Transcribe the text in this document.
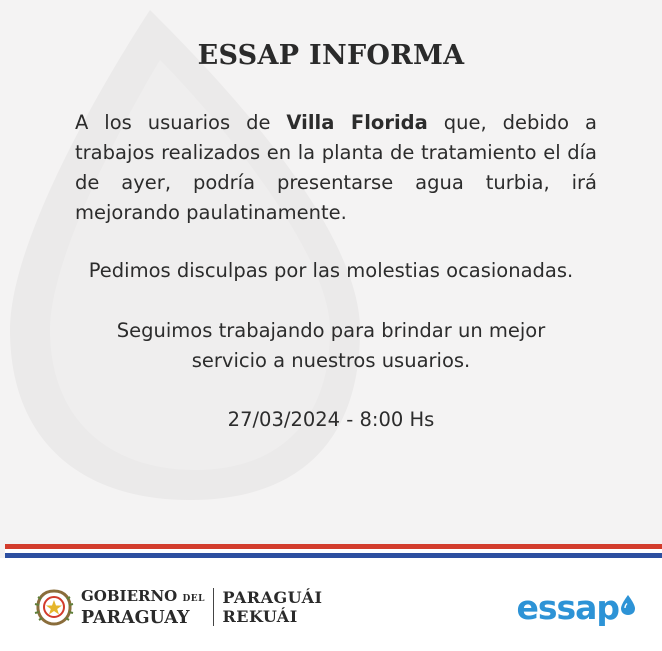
ESSAP INFORMA
A los usuarios de Villa Florida que, debido a trabajos realizados en la planta de tratamiento el día de ayer, podría presentarse agua turbia, irá mejorando paulatinamente.
Pedimos disculpas por las molestias ocasionadas.
Seguimos trabajando para brindar un mejor
servicio a nuestros usuarios.
27/03/2024 - 8:00 Hs
GOBIERNO DEL
PARAGUAY
PARAGUÁI
REKUÁI	essap
